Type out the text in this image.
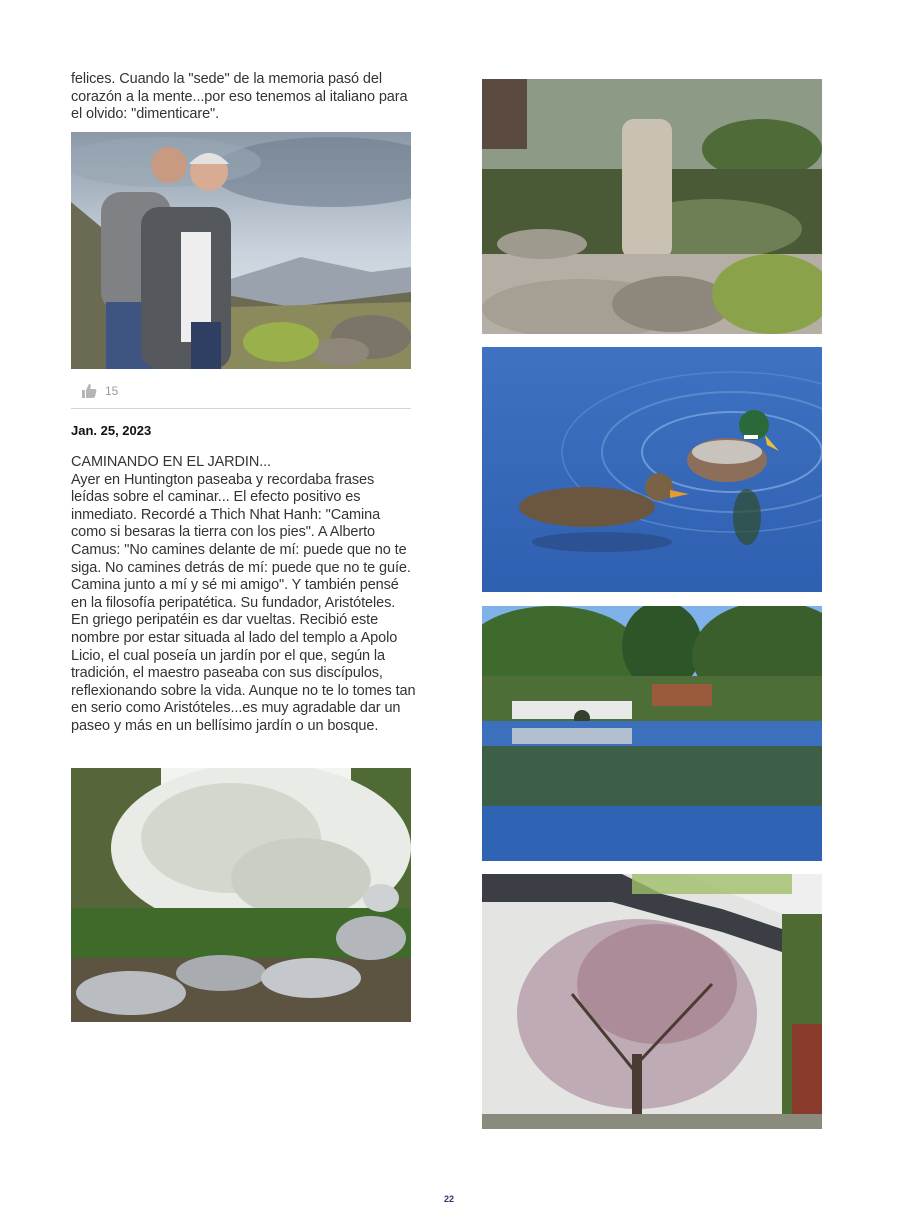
felices. Cuando la "sede" de la memoria pasó del corazón a la mente...por eso tenemos al italiano para el olvido: "dimenticare".
15
Jan. 25, 2023
CAMINANDO EN EL JARDIN...
Ayer en Huntington paseaba y recordaba frases leídas sobre el caminar... El efecto positivo es inmediato. Recordé a Thich Nhat Hanh: "Camina como si besaras la tierra con los pies". A Alberto Camus: "No camines delante de mí: puede que no te siga. No camines detrás de mí: puede que no te guíe. Camina junto a mí y sé mi amigo". Y también pensé en la filosofía peripatética. Su fundador, Aristóteles. En griego peripatéin es dar vueltas. Recibió este nombre por estar situada al lado del templo a Apolo Licio, el cual poseía un jardín por el que, según la tradición, el maestro paseaba con sus discípulos, reflexionando sobre la vida. Aunque no te lo tomes tan en serio como Aristóteles...es muy agradable dar un paseo y más en un bellísimo jardín o un bosque.
22
